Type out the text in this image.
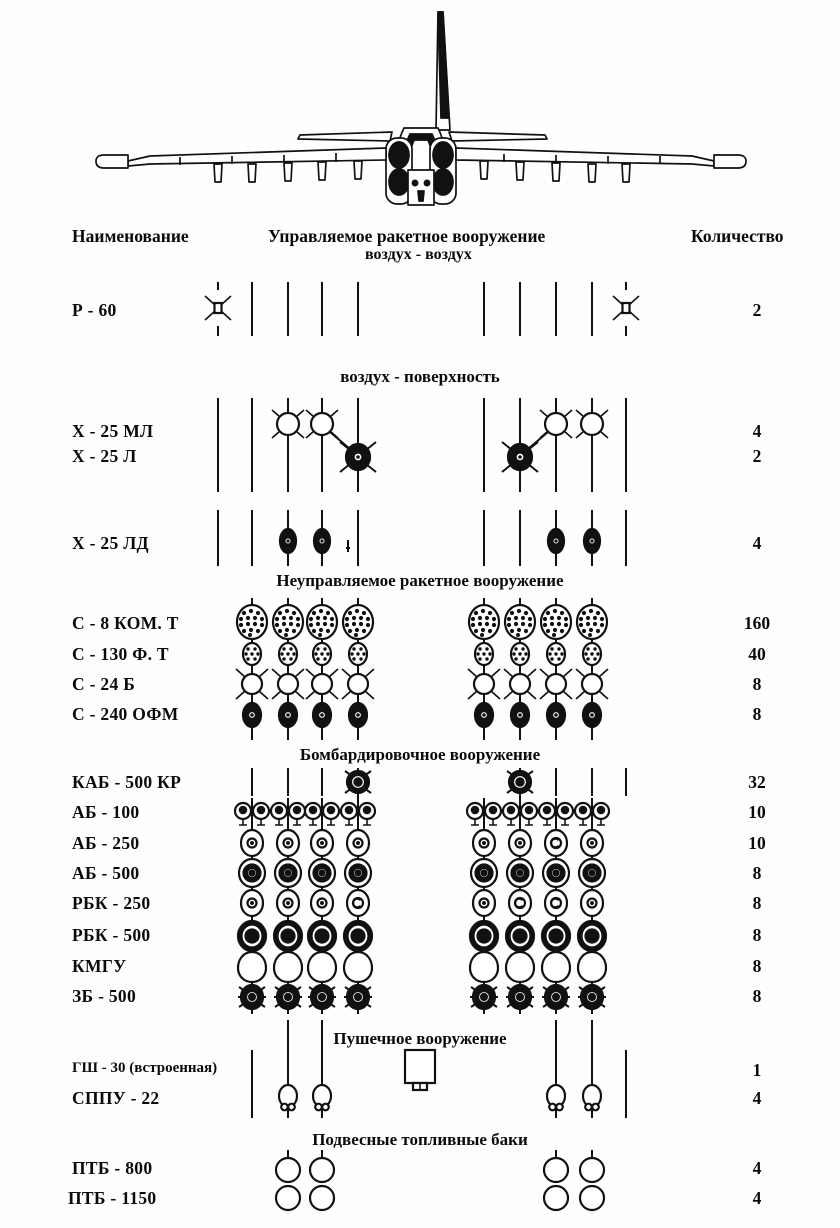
Наименование	Управляемое ракетное вооружение
воздух - воздух
Количество
воздух - поверхность
Неуправляемое ракетное вооружение
Бомбардировочное вооружение
Пушечное вооружение
Подвесные топливные баки
Р - 60
Х - 25 МЛ
Х - 25 Л
Х - 25 ЛД
С - 8 КОМ. Т
С - 130 Ф. Т
С - 24 Б
С - 240 ОФМ
КАБ - 500 КР
АБ - 100
АБ - 250
АБ - 500
РБК - 250
РБК - 500
КМГУ
ЗБ - 500
ГШ - 30 (встроенная)
СППУ - 22
ПТБ - 800
ПТБ - 1150
2
4
2
4
160
40
8
8
32
10
10
8
8
8
8
8
1
4
4
4
